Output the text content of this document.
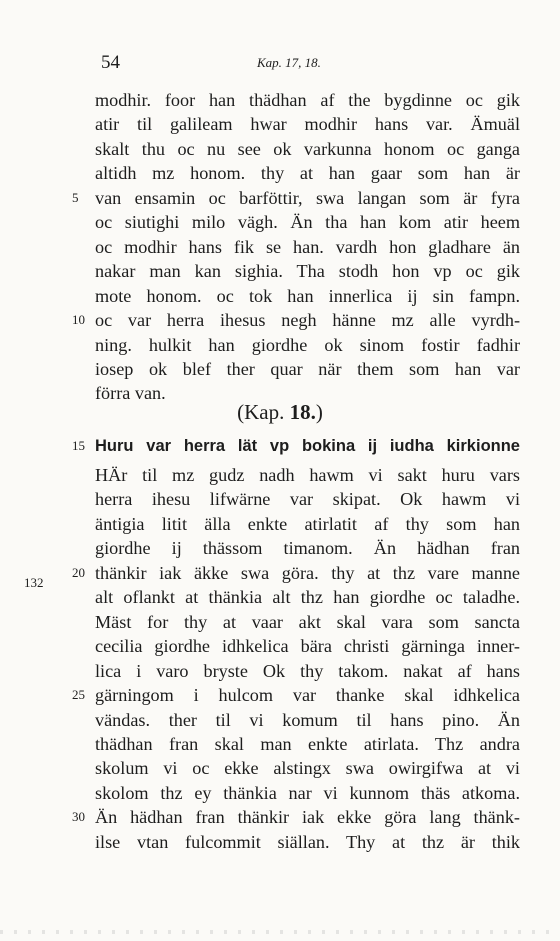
54	Kap. 17, 18.
modhir. foor han thädhan af the bygdinne oc gik
atir til galileam hwar modhir hans var. Ämuäl
skalt thu oc nu see ok varkunna honom oc ganga
altidh mz honom. thy at han gaar som han är
van ensamin oc barföttir, swa langan som är fyra
5
oc siutighi milo vägh. Än tha han kom atir heem
oc modhir hans fik se han. vardh hon gladhare än
nakar man kan sighia. Tha stodh hon vp oc gik
mote honom. oc tok han innerlica ij sin fampn.
oc var herra ihesus negh hänne mz alle vyrdh-
10
ning. hulkit han giordhe ok sinom fostir fadhir
iosep ok blef ther quar när them som han var
förra van.
HÄr til mz gudz nadh hawm vi sakt huru vars
herra ihesu lifwärne var skipat. Ok hawm vi
äntigia litit älla enkte atirlatit af thy som han
giordhe ij thässom timanom. Än hädhan fran
thänkir iak äkke swa göra. thy at thz vare manne
20
alt oflankt at thänkia alt thz han giordhe oc taladhe.
Mäst for thy at vaar akt skal vara som sancta
cecilia giordhe idhkelica bära christi gärninga inner-
lica i varo bryste Ok thy takom. nakat af hans
gärningom i hulcom var thanke skal idhkelica
25
vändas. ther til vi komum til hans pino. Än
thädhan fran skal man enkte atirlata. Thz andra
skolum vi oc ekke alstingx swa owirgifwa at vi
skolom thz ey thänkia nar vi kunnom thäs atkoma.
Än hädhan fran thänkir iak ekke göra lang thänk-
30
ilse vtan fulcommit siällan. Thy at thz är thik
(Kap. 18.)
15 Huru var herra lät vp bokina ij iudha kirkionne
132
